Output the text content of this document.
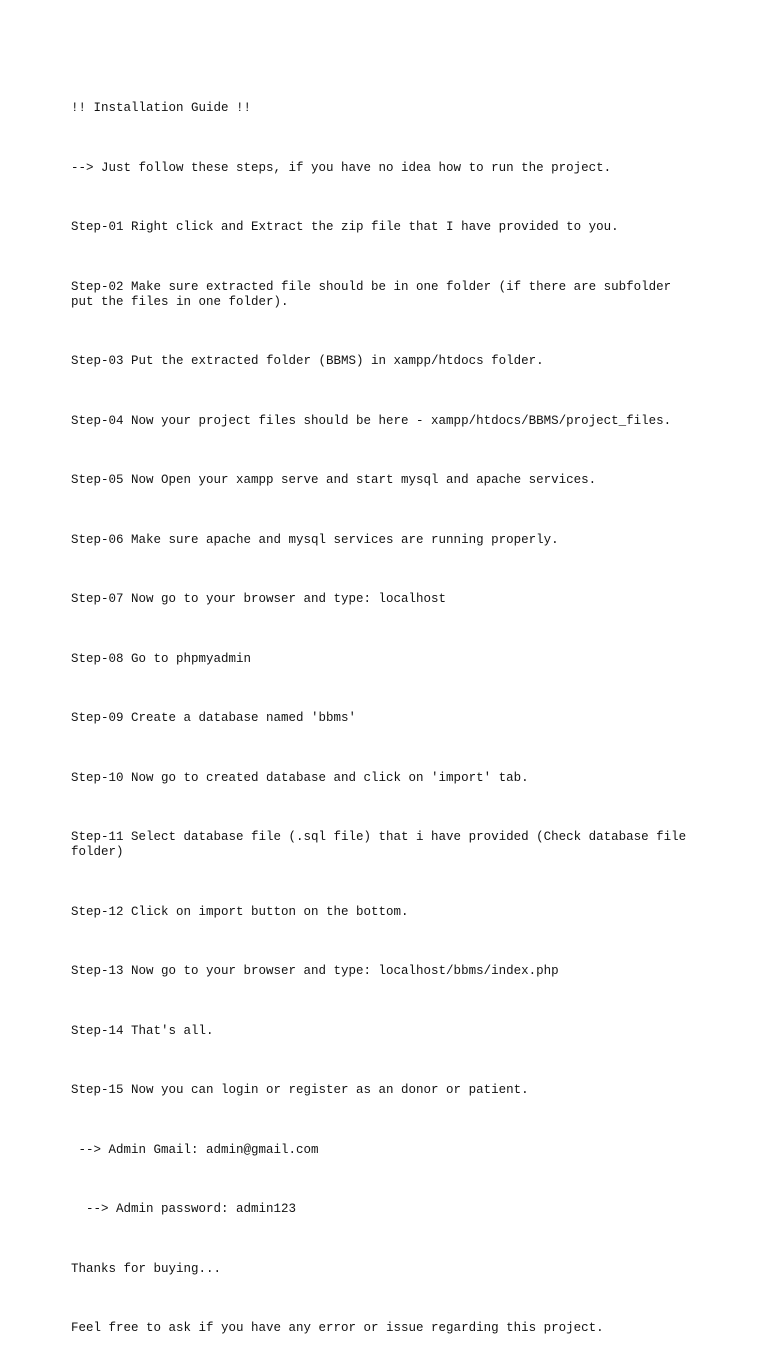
!! Installation Guide !!

--> Just follow these steps, if you have no idea how to run the project.

Step-01 Right click and Extract the zip file that I have provided to you.

Step-02 Make sure extracted file should be in one folder (if there are subfolder
put the files in one folder).

Step-03 Put the extracted folder (BBMS) in xampp/htdocs folder.

Step-04 Now your project files should be here - xampp/htdocs/BBMS/project_files.

Step-05 Now Open your xampp serve and start mysql and apache services.

Step-06 Make sure apache and mysql services are running properly.

Step-07 Now go to your browser and type: localhost

Step-08 Go to phpmyadmin

Step-09 Create a database named 'bbms'

Step-10 Now go to created database and click on 'import' tab.

Step-11 Select database file (.sql file) that i have provided (Check database file
folder)

Step-12 Click on import button on the bottom.

Step-13 Now go to your browser and type: localhost/bbms/index.php

Step-14 That's all.

Step-15 Now you can login or register as an donor or patient.

--> Admin Gmail: admin@gmail.com

--> Admin password: admin123

Thanks for buying...

Feel free to ask if you have any error or issue regarding this project.
